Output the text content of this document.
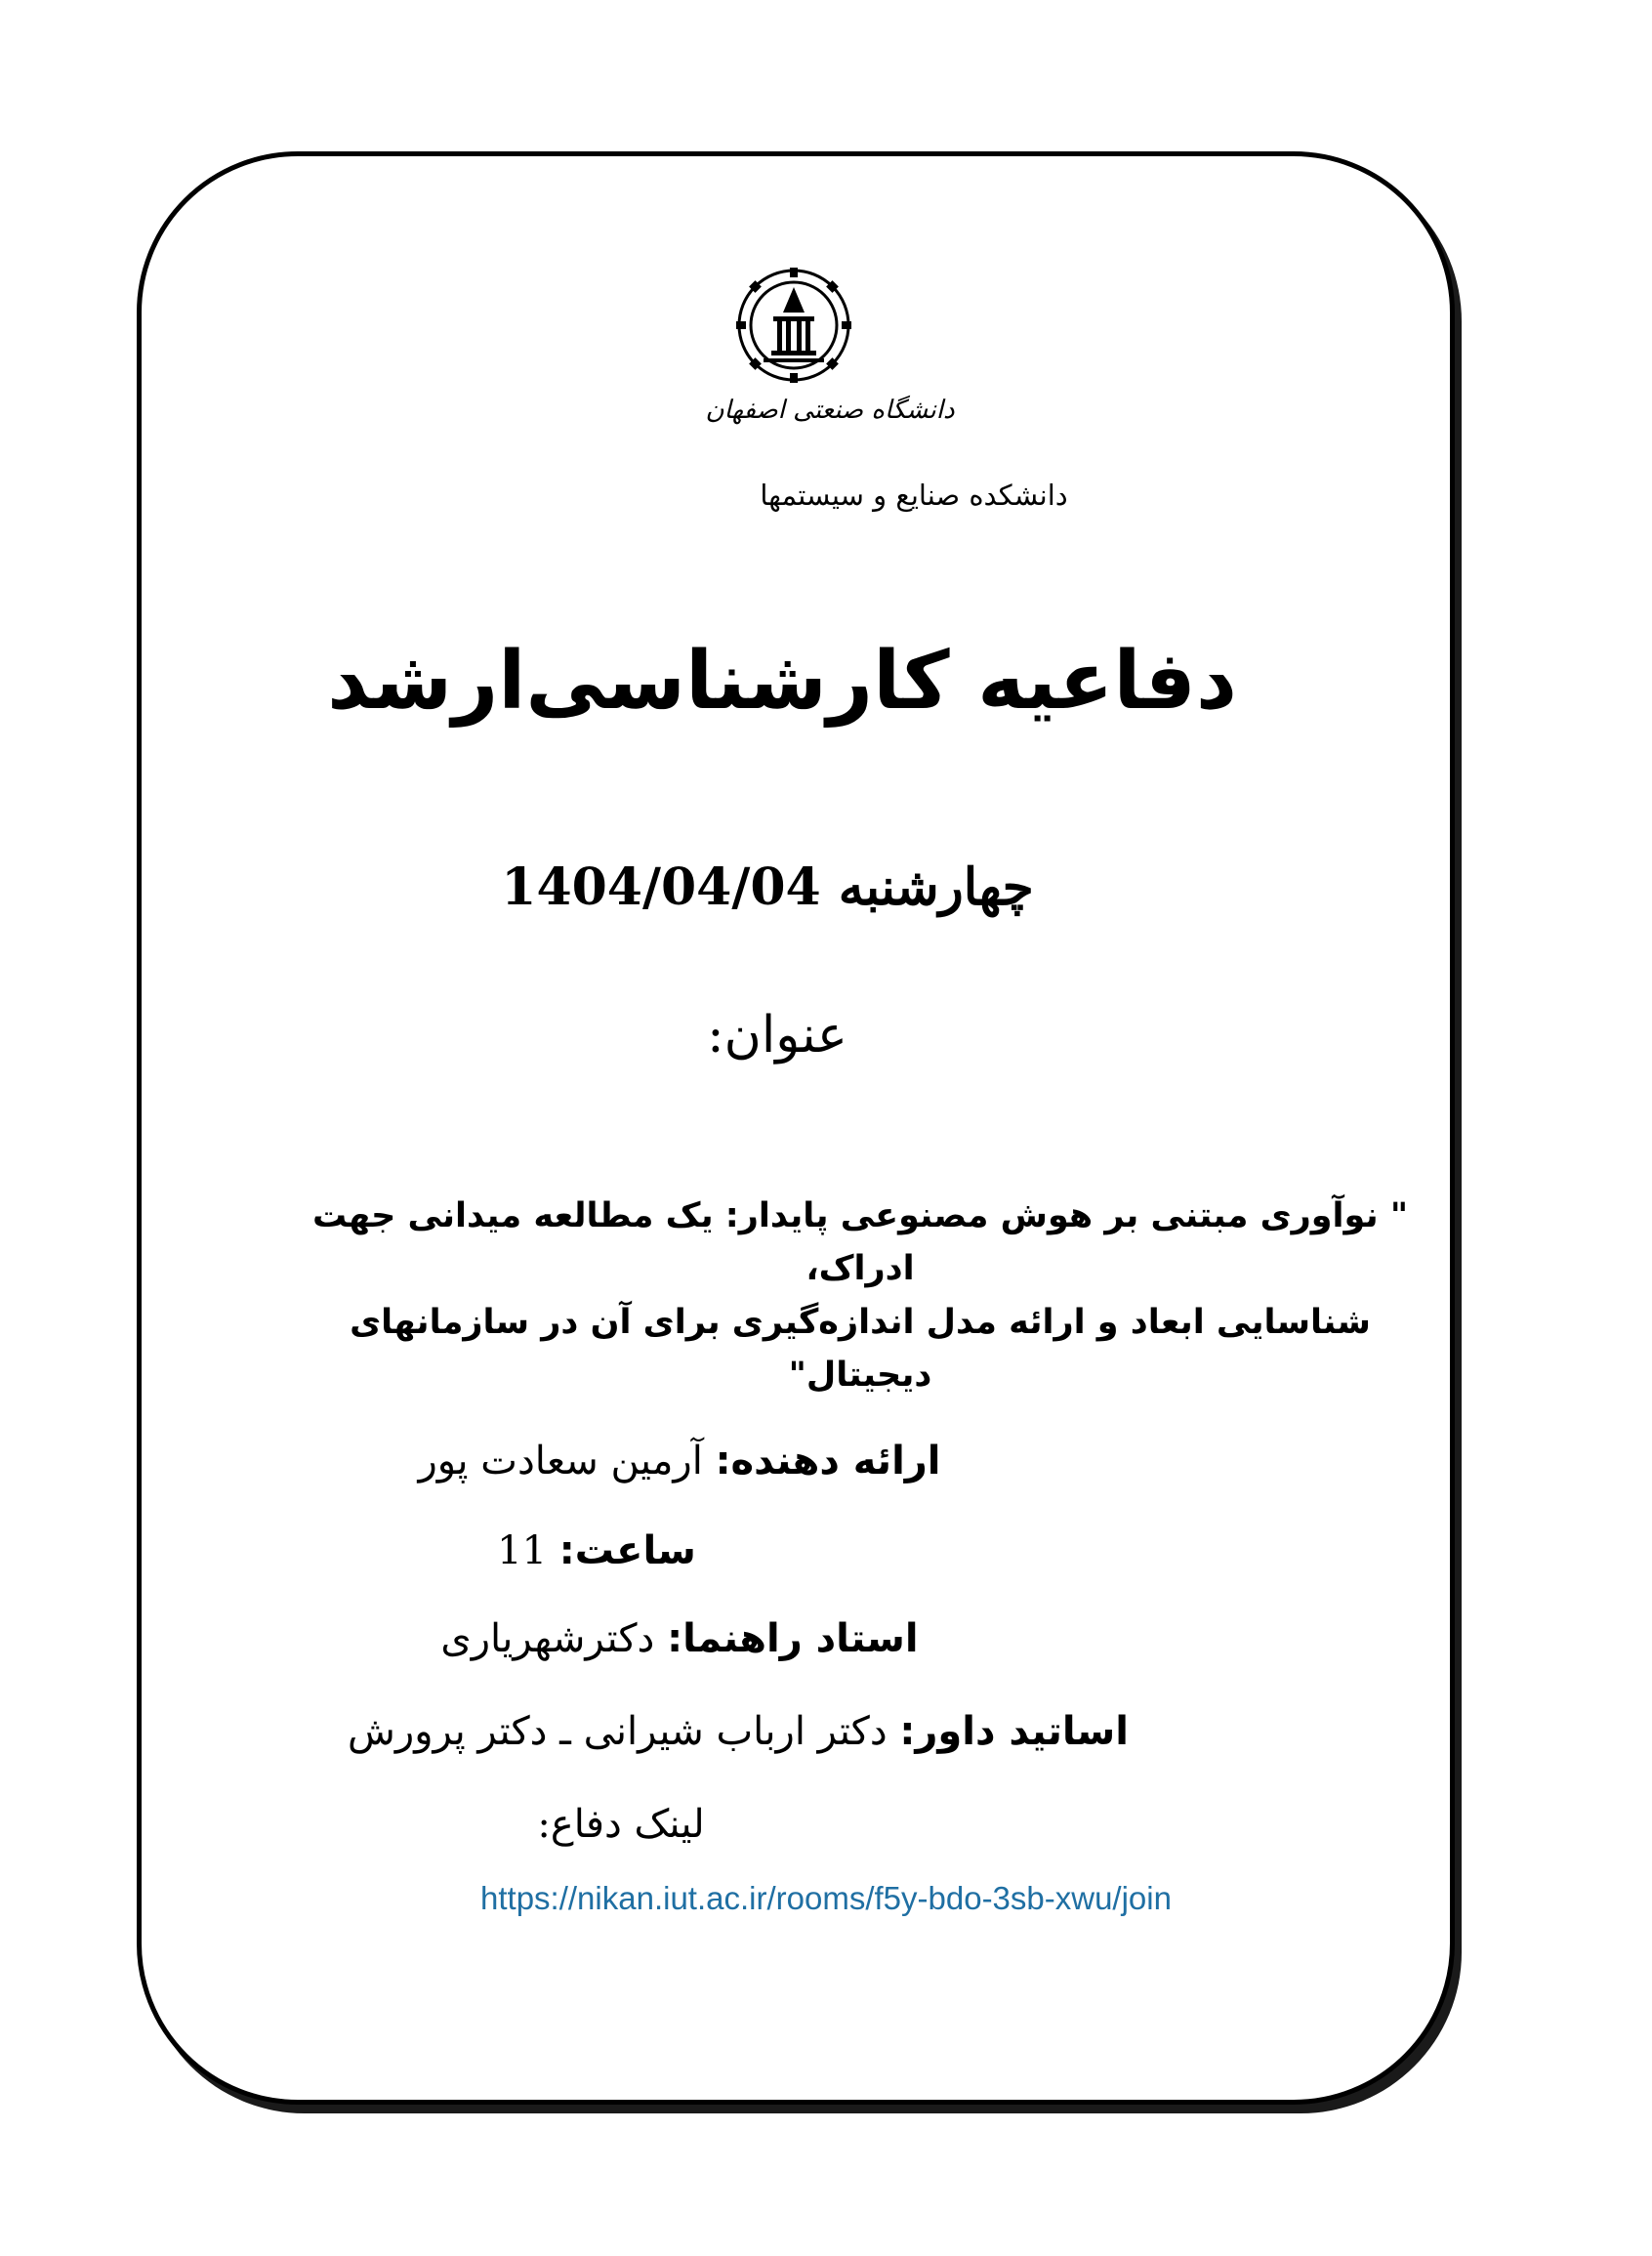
دانشگاه صنعتی اصفهان
دانشکده صنایع و سیستمها
دفاعیه کارشناسی‌ارشد
چهارشنبه 1404/04/04
عنوان:
" نوآوری مبتنی بر هوش مصنوعی پایدار: یک مطالعه میدانی جهت ادراک،
شناسایی ابعاد و ارائه مدل اندازه‌گیری برای آن در سازمانهای دیجیتال"
ارائه دهنده: آرمین سعادت پور
ساعت: 11
استاد راهنما: دکترشهریاری
اساتید داور: دکتر ارباب شیرانی ـ دکتر پرورش
لینک دفاع:
https://nikan.iut.ac.ir/rooms/f5y-bdo-3sb-xwu/join
